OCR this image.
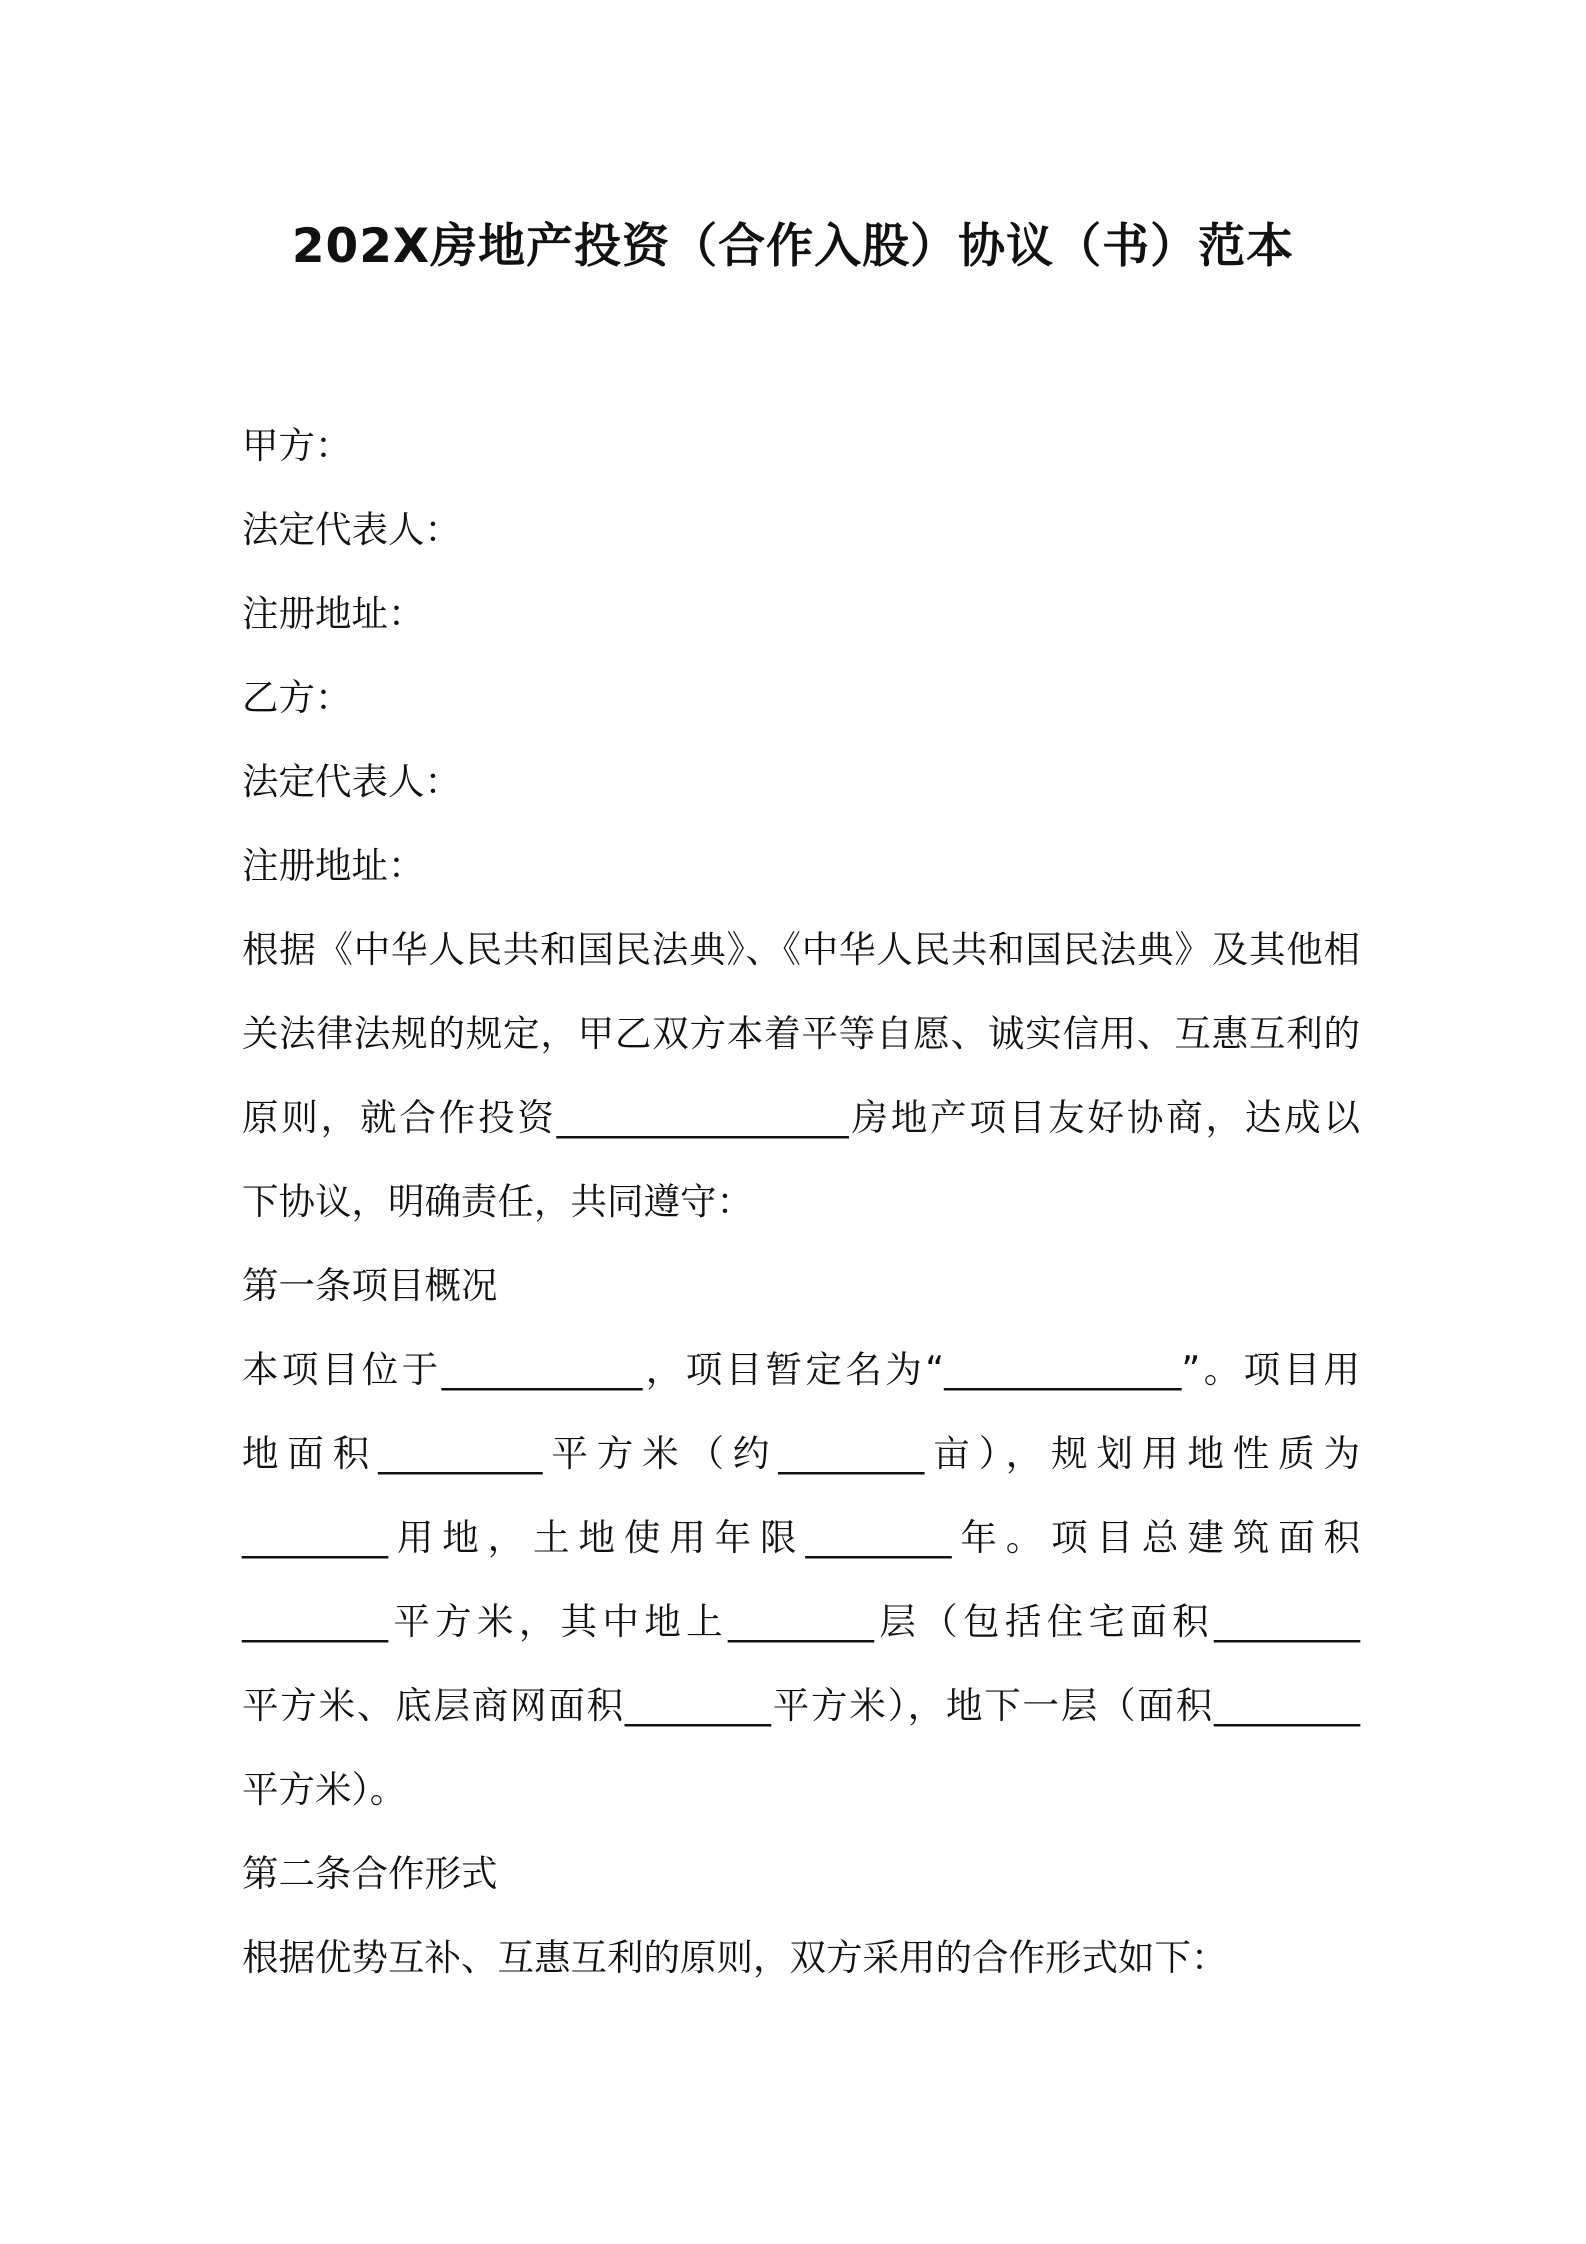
202X房地产投资（合作入股）协议（书）范本
甲方：
法定代表人：
注册地址：
乙方：
法定代表人：
注册地址：
根据《中华人民共和国民法典》、《中华人民共和国民法典》及其他相
关法律法规的规定，甲乙双方本着平等自愿、诚实信用、互惠互利的
原则，就合作投资________________房地产项目友好协商，达成以
下协议，明确责任，共同遵守：
第一条项目概况
本项目位于___________，项目暂定名为“_____________”。项目用
地面积_________平方米（约________亩），规划用地性质为
________用地，土地使用年限________年。项目总建筑面积
________平方米，其中地上________层（包括住宅面积________
平方米、底层商网面积________平方米），地下一层（面积________
平方米）。
第二条合作形式
根据优势互补、互惠互利的原则，双方采用的合作形式如下：
